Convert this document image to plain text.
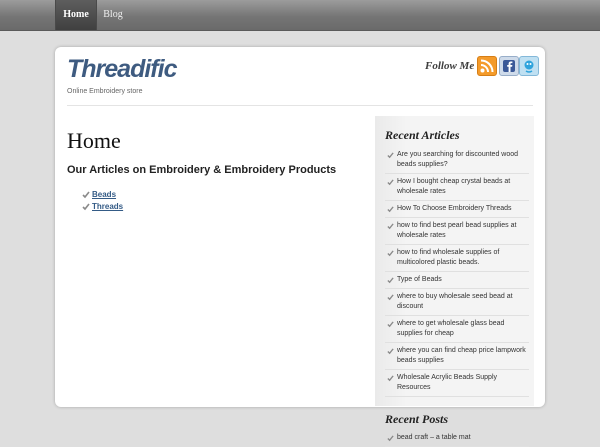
Home	Blog
Threadific
Online Embroidery store
Follow Me
Home
Our Articles on Embroidery & Embroidery Products
Beads
Threads
Recent Articles
Are you searching for discounted wood beads supplies?
How I bought cheap crystal beads at wholesale rates
How To Choose Embroidery Threads
how to find best pearl bead supplies at wholesale rates
how to find wholesale supplies of multicolored plastic beads.
Type of Beads
where to buy wholesale seed bead at discount
where to get wholesale glass bead supplies for cheap
where you can find cheap price lampwork beads supplies
Wholesale Acrylic Beads Supply Resources
Recent Posts
bead craft – a table mat
